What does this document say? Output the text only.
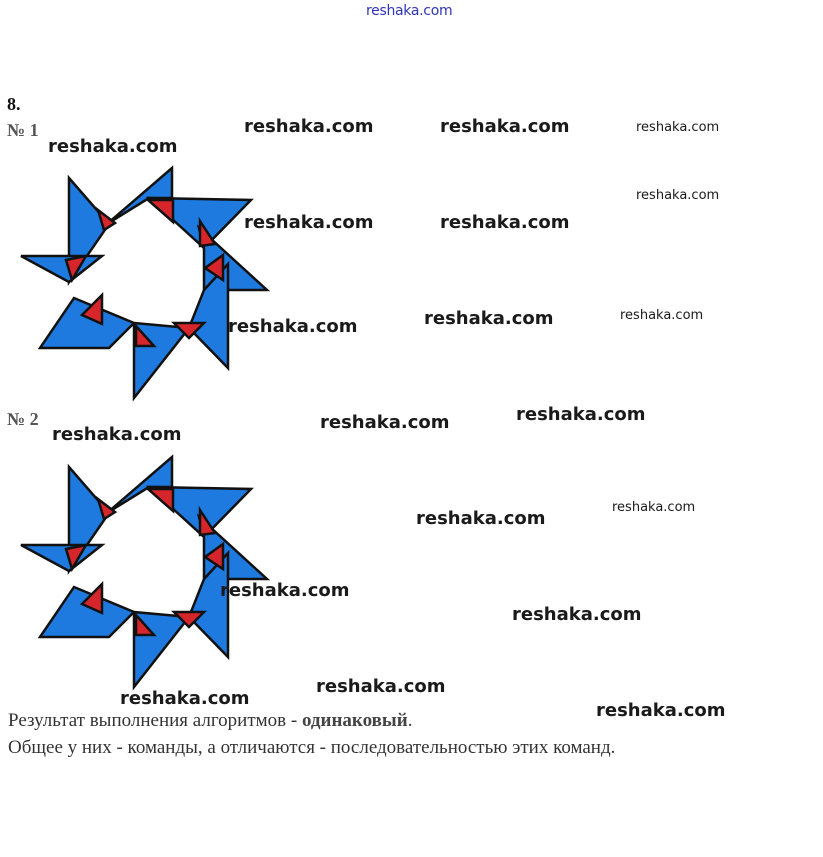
reshaka.com
8.
№ 1
№ 2
reshaka.com
reshaka.com	reshaka.com	reshaka.com
reshaka.com
reshaka.com	reshaka.com
reshaka.com	reshaka.com	reshaka.com
reshaka.com	reshaka.com
reshaka.com
reshaka.com
reshaka.com
reshaka.com
reshaka.com
reshaka.com
reshaka.com
reshaka.com
Результат выполнения алгоритмов - одинаковый.
Общее у них - команды, а отличаются - последовательностью этих команд.
